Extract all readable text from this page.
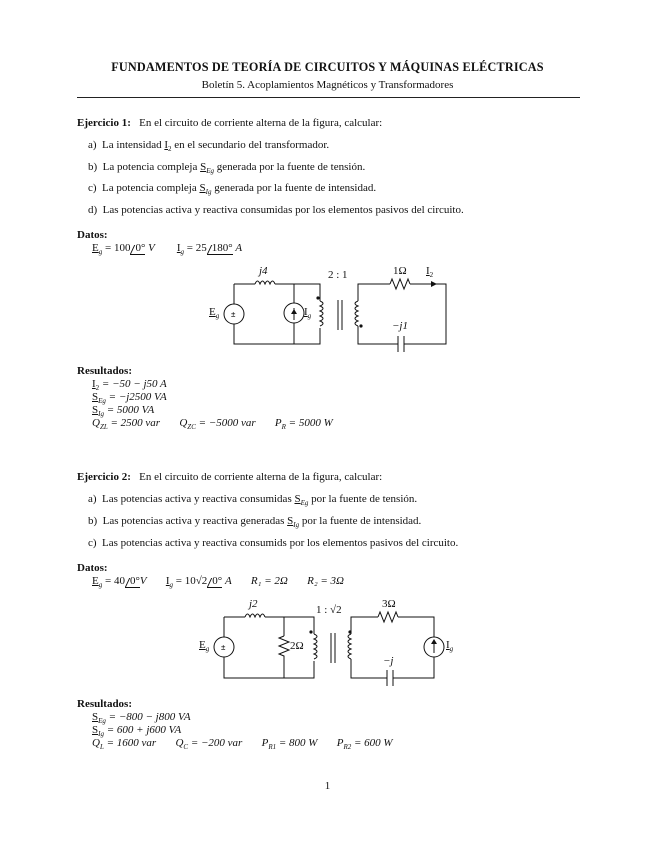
FUNDAMENTOS DE TEORÍA DE CIRCUITOS Y MÁQUINAS ELÉCTRICAS
Boletín 5. Acoplamientos Magnéticos y Transformadores
Ejercicio 1: En el circuito de corriente alterna de la figura, calcular:
a) La intensidad $I_2$ en el secundario del transformador.
b) La potencia compleja $S_{Eg}$ generada por la fuente de tensión.
c) La potencia compleja $S_{Ig}$ generada por la fuente de intensidad.
d) Las potencias activa y reactiva consumidas por los elementos pasivos del circuito.
Datos:
$E_g = 100$ 0° V $I_g = 25$ 180° A
±
j4	2 : 1	1Ω $I_2$
−j1
$E_g$	$I_g$
Resultados:
$I_2 = -50 - j50$ A
$S_{Eg} = -j2500$ VA
$S_{Ig} = 5000$ VA
$Q_{ZL} = 2500$ var $Q_{ZC} = -5000$ var $P_R = 5000$ W
Ejercicio 2: En el circuito de corriente alterna de la figura, calcular:
a) Las potencias activa y reactiva consumidas $S_{Eg}$ por la fuente de tensión.
b) Las potencias activa y reactiva generadas $S_{Ig}$ por la fuente de intensidad.
c) Las potencias activa y reactiva consumids por los elementos pasivos del circuito.
Datos:
$E_g = 40$ 0°V $I_g = 10√2$ 0° A R₁ = 2Ω R₂ = 3Ω
±
j2	1 : √2	3Ω
2Ω
−j
$E_g$	$I_g$
Resultados:
$S_{Eg} = -800 - j800$ VA
$S_{Ig} = 600 + j600$ VA
$Q_L = 1600$ var $Q_C = -200$ var $P_{R1} = 800$ W $P_{R2} = 600$ W
1
